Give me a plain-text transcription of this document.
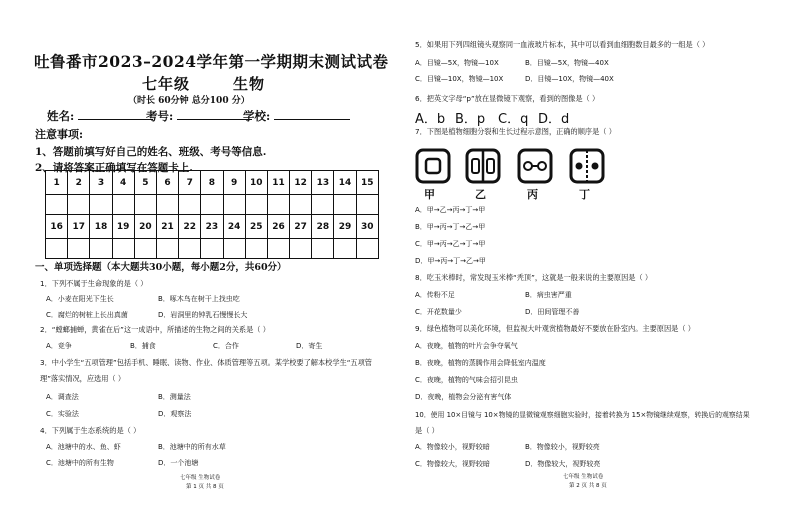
吐鲁番市2023–2024学年第一学期期末测试试卷
七年级	生物
（时长 60分钟 总分100 分）
姓名:	考号:	学校:
注意事项:
1、答题前填写好自己的姓名、班级、考号等信息.
2、请将答案正确填写在答题卡上.
1	2	3	4	5	6	7	8	9	10	11	12	13	14	15

16	17	18	19	20	21	22	23	24	25	26	27	28	29	30

一、单项选择题（本大题共30小题，每小题2分，共60分）
1．下列不属于生命现象的是（ ）
A．小麦在阳光下生长	B．啄木鸟在树干上找虫吃
C．腐烂的树桩上长出真菌	D．岩洞里的钟乳石慢慢长大
2．“螳螂捕蝉，黄雀在后”这一成语中，所描述的生物之间的关系是（ ）
A．竞争	B．捕食	C．合作	D．寄生
3．中小学生“五项管理”包括手机、睡眠、读物、作业、体质管理等五项。某学校要了解本校学生“五项管
理”落实情况，应选用（ ）
A．调查法	B．测量法
C．实验法	D．观察法
4．下列属于生态系统的是（ ）
A．池塘中的水、鱼、虾	B．池塘中的所有水草
C．池塘中的所有生物	D．一个池塘
七年级 生物试卷
第 1 页 共 8 页
5．如果用下列四组镜头观察同一血液玻片标本，其中可以看到血细胞数目最多的一组是（ ）
A．目镜—5X，物镜—10X	B．目镜—5X，物镜—40X
C．目镜—10X，物镜—10X	D．目镜—10X，物镜—40X
6．把英文字母“p”放在显微镜下观察，看到的图像是（ ）
A．b B．p C．q D．d
7．下图是植物细胞分裂和生长过程示意图，正确的顺序是（ ）
甲	乙	丙	丁
A．甲→乙→丙→丁→甲
B．甲→丙→丁→乙→甲
C．甲→丙→乙→丁→甲
D．甲→丙→丁→乙→甲
8．吃玉米棒时，常发现玉米棒“秃顶”，这就是一般来说的主要原因是（ ）
A．传粉不足	B．病虫害严重
C．开花数量少	D．田间管理不善
9．绿色植物可以美化环境，但监视大叶观赏植物最好不要放在卧室内。主要原因是（ ）
A．夜晚，植物的叶片会争夺氧气
B．夜晚，植物的蒸腾作用会降低室内温度
C．夜晚，植物的气味会招引昆虫
D．夜晚，植物会分泌有害气体
10．使用 10×目镜与 10×物镜的显微镜观察细胞实验时，接着转换为 15×物镜继续观察，转换后的观察结果
是（ ）
A．物像较小，视野较暗	B．物像较小，视野较亮
C．物像较大，视野较暗	D．物像较大，视野较亮
七年级 生物试卷
第 2 页 共 8 页
